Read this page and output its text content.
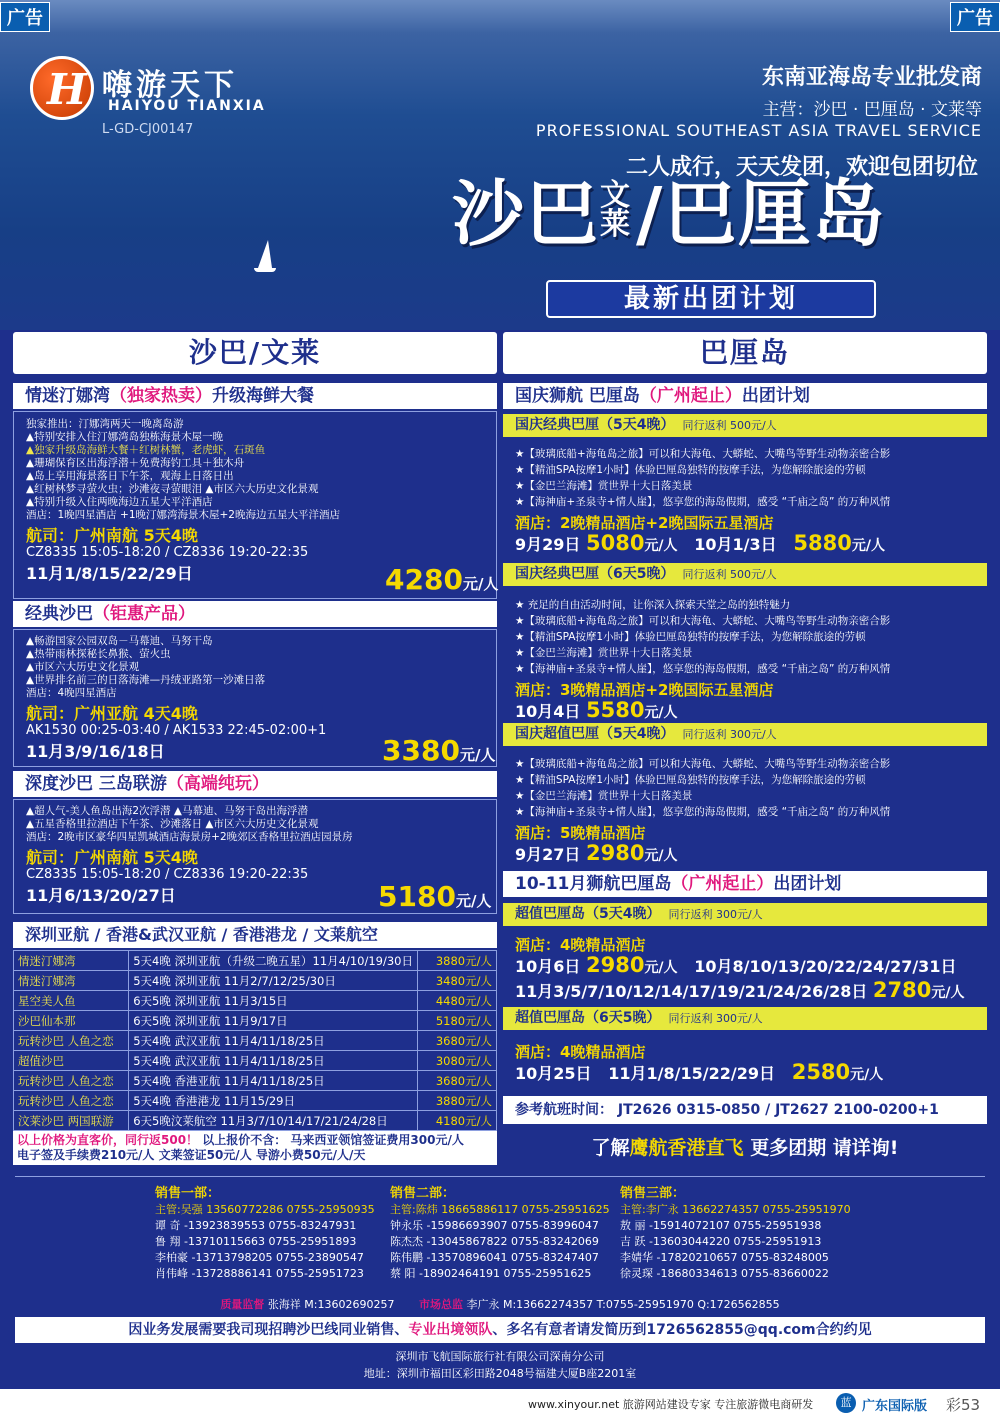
广告	广告
H 嗨游天下
HAIYOU TIANXIA
L-GD-CJ00147
东南亚海岛专业批发商
主营：沙巴 · 巴厘岛 · 文莱等
PROFESSIONAL SOUTHEAST ASIA TRAVEL SERVICE
二人成行，天天发团，欢迎包团切位
沙巴文
莱/巴厘岛
最新出团计划
沙巴/文莱
情迷汀娜湾（独家热卖）升级海鲜大餐
独家推出：汀娜湾两天一晚离岛游
▲特别安排入住汀娜湾岛独栋海景木屋一晚
▲独家升级岛海鲜大餐＋红树林蟹，老虎虾，石斑鱼
▲珊瑚保育区出海浮潜＋免费海钓工具＋独木舟
▲岛上享用海景落日下午茶，观海上日落日出
▲红树林梦寻萤火虫；沙滩夜寻萤眼泪 ▲市区六大历史文化景观
▲特别升级入住两晚海边五星大平洋酒店
酒店：1晚四星酒店 +1晚汀娜湾海景木屋+2晚海边五星大平洋酒店
航司：广州南航 5天4晚
CZ8335 15:05-18:20 / CZ8336 19:20-22:35
11月1/8/15/22/29日	4280元/人
经典沙巴（钜惠产品）
▲畅游国家公园双岛－马幕迪、马努干岛
▲热带雨林探秘长鼻猴、萤火虫
▲市区六大历史文化景观
▲世界排名前三的日落海滩—丹绒亚路第一沙滩日落
酒店：4晚四星酒店
航司：广州亚航 4天4晚
AK1530 00:25-03:40 / AK1533 22:45-02:00+1
11月3/9/16/18日	3380元/人
深度沙巴 三岛联游（高端纯玩）
▲超人气-美人鱼岛出海2次浮潜 ▲马幕迪、马努干岛出海浮潜
▲五星香格里拉酒店下午茶、沙滩落日 ▲市区六大历史文化景观
酒店：2晚市区豪华四星凯城酒店海景房+2晚郊区香格里拉酒店园景房
航司：广州南航 5天4晚
CZ8335 15:05-18:20 / CZ8336 19:20-22:35
11月6/13/20/27日	5180元/人
深圳亚航 / 香港&武汉亚航 / 香港港龙 / 文莱航空
情迷汀娜湾	5天4晚 深圳亚航（升级二晚五星）11月4/10/19/30日	3880元/人
情迷汀娜湾	5天4晚 深圳亚航 11月2/7/12/25/30日	3480元/人
星空美人鱼	6天5晚 深圳亚航 11月3/15日	4480元/人
沙巴仙本那	6天5晚 深圳亚航 11月9/17日	5180元/人
玩转沙巴 人鱼之恋	5天4晚 武汉亚航 11月4/11/18/25日	3680元/人
超值沙巴	5天4晚 武汉亚航 11月4/11/18/25日	3080元/人
玩转沙巴 人鱼之恋	5天4晚 香港亚航 11月4/11/18/25日	3680元/人
玩转沙巴 人鱼之恋	5天4晚 香港港龙 11月15/29日	3880元/人
汶莱沙巴 两国联游	6天5晚汶莱航空 11月3/7/10/14/17/21/24/28日	4180元/人
以上价格为直客价，同行返500！ 以上报价不含： 马来西亚领馆签证费用300元/人
电子签及手续费210元/人 文莱签证50元/人 导游小费50元/人/天
巴厘岛
国庆狮航 巴厘岛（广州起止）出团计划
国庆经典巴厘（5天4晚） 同行返利 500元/人
★【玻璃底船+海龟岛之旅】可以和大海龟、大蟒蛇、大嘴鸟等野生动物亲密合影
★【精油SPA按摩1小时】体验巴厘岛独特的按摩手法，为您解除旅途的劳顿
★【金巴兰海滩】赏世界十大日落美景
★【海神庙+圣泉寺+情人崖】，悠享您的海岛假期，感受 “千庙之岛” 的万种风情
酒店：2晚精品酒店+2晚国际五星酒店
9月29日 5080元/人 10月1/3日 5880元/人
国庆经典巴厘（6天5晚） 同行返利 500元/人
★ 充足的自由活动时间，让你深入探索天堂之岛的独特魅力
★【玻璃底船+海龟岛之旅】可以和大海龟、大蟒蛇、大嘴鸟等野生动物亲密合影
★【精油SPA按摩1小时】体验巴厘岛独特的按摩手法，为您解除旅途的劳顿
★【金巴兰海滩】赏世界十大日落美景
★【海神庙+圣泉寺+情人崖】，悠享您的海岛假期，感受 “千庙之岛” 的万种风情
酒店：3晚精品酒店+2晚国际五星酒店
10月4日 5580元/人
国庆超值巴厘（5天4晚） 同行返利 300元/人
★【玻璃底船+海龟岛之旅】可以和大海龟、大蟒蛇、大嘴鸟等野生动物亲密合影
★【精油SPA按摩1小时】体验巴厘岛独特的按摩手法，为您解除旅途的劳顿
★【金巴兰海滩】赏世界十大日落美景
★【海神庙+圣泉寺+情人崖】，悠享您的海岛假期，感受 “千庙之岛” 的万种风情
酒店：5晚精品酒店
9月27日 2980元/人
10-11月狮航巴厘岛（广州起止）出团计划
超值巴厘岛（5天4晚） 同行返利 300元/人
酒店：4晚精品酒店
10月6日 2980元/人 10月8/10/13/20/22/24/27/31日
11月3/5/7/10/12/14/17/19/21/24/26/28日 2780元/人
超值巴厘岛（6天5晚） 同行返利 300元/人
酒店：4晚精品酒店
10月25日 11月1/8/15/22/29日 2580元/人
参考航班时间： JT2626 0315-0850 / JT2627 2100-0200+1
了解鹰航香港直飞 更多团期 请详询!
销售一部：
主管:吴强 13560772286 0755-25950935
谭 奇 -13923839553 0755-83247931
鲁 翔 -13710115663 0755-25951893
李柏豪 -13713798205 0755-23890547
肖伟峰 -13728886141 0755-25951723
销售二部：
主管:陈炜 18665886117 0755-25951625
钟永乐 -15986693907 0755-83996047
陈杰杰 -13045867822 0755-83242069
陈伟鹏 -13570896041 0755-83247407
蔡 阳 -18902464191 0755-25951625
销售三部：
主管:李广永 13662274357 0755-25951970
敖 丽 -15914072107 0755-25951938
吉 跃 -13603044220 0755-25951913
李婧华 -17820210657 0755-83248005
徐灵琛 -18680334613 0755-83660022
质量监督 张海祥 M:13602690257 市场总监 李广永 M:13662274357 T:0755-25951970 Q:1726562855
因业务发展需要我司现招聘沙巴线同业销售、专业出境领队、多名有意者请发简历到1726562855@qq.com合约约见
深圳市飞航国际旅行社有限公司深南分公司
地址：深圳市福田区彩田路2048号福建大厦B座2201室
www.xinyour.net 旅游网站建设专家 专注旅游微电商研发	蓝 广东国际版 彩53
